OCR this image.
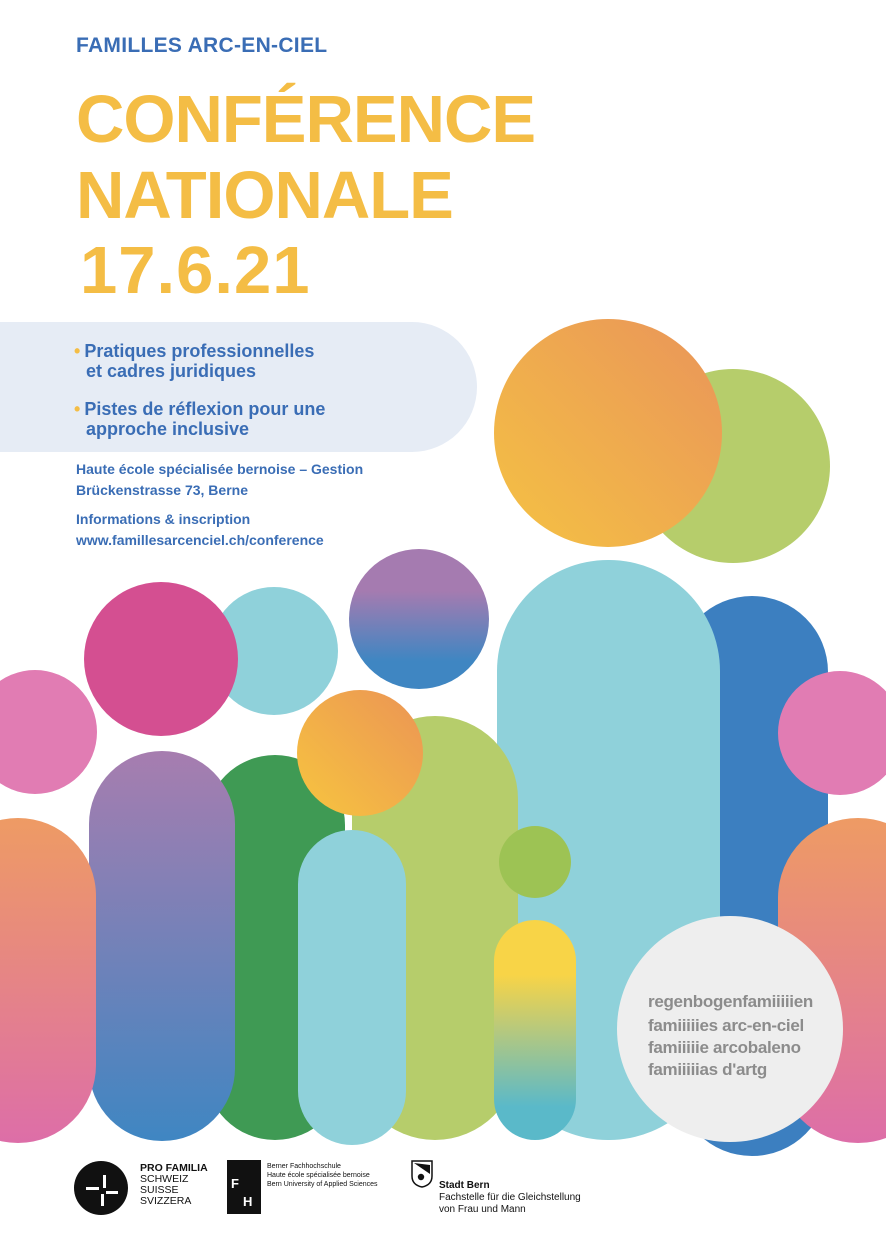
FAMILLES ARC-EN-CIEL
CONFÉRENCE
NATIONALE
17.6.21
• Pratiques professionnelles
et cadres juridiques
• Pistes de réflexion pour une
approche inclusive
Haute école spécialisée bernoise – Gestion
Brückenstrasse 73, Berne
Informations & inscription
www.famillesarcenciel.ch/conference
regenbogenfamiiiiien
famiiiiies arc-en-ciel
famiiiiie arcobaleno
famiiiiias d'artg
PRO FAMILIA
SCHWEIZ
SUISSE
SVIZZERA
F
H
Berner Fachhochschule
Haute école spécialisée bernoise
Bern University of Applied Sciences	Stadt Bern
Fachstelle für die Gleichstellung
von Frau und Mann
